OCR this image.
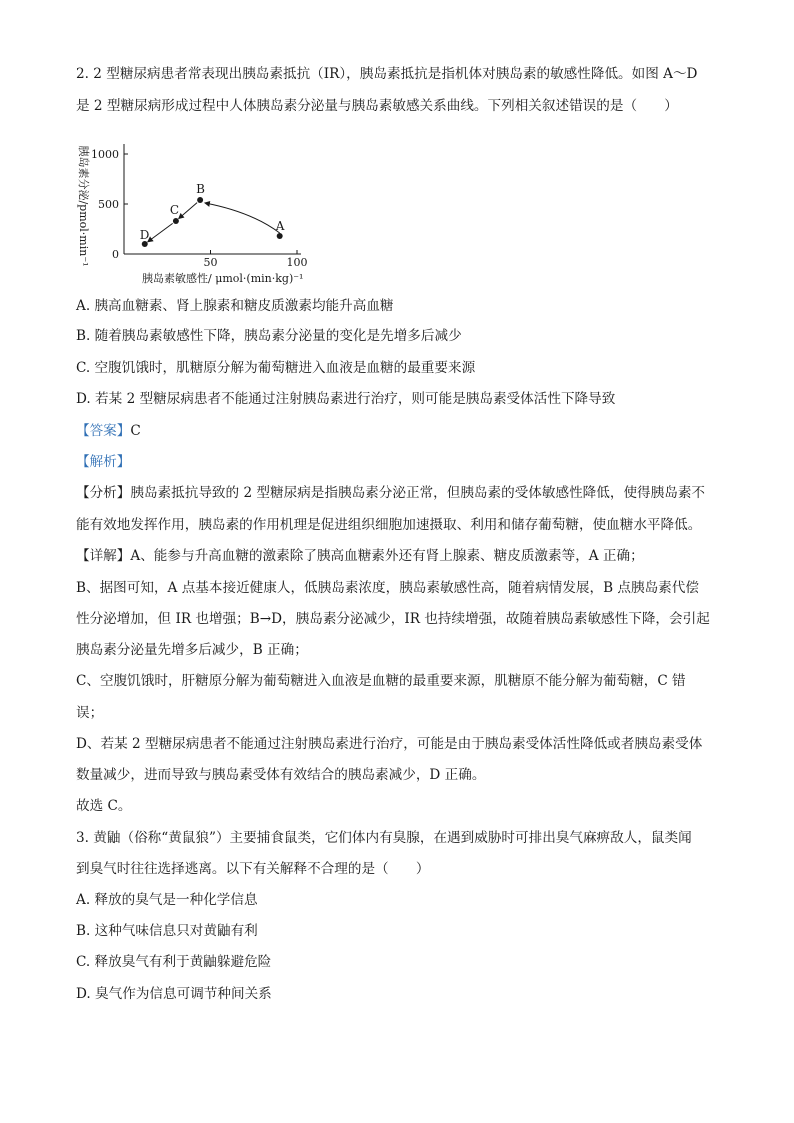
2. 2 型糖尿病患者常表现出胰岛素抵抗（IR），胰岛素抵抗是指机体对胰岛素的敏感性降低。如图 A～D
是 2 型糖尿病形成过程中人体胰岛素分泌量与胰岛素敏感关系曲线。下列相关叙述错误的是（　　）
50	100
0
500
1000
胰岛素分泌/pmol·min⁻¹
胰岛素敏感性/ μmol·(min·kg)⁻¹
A
B
C
D
A. 胰高血糖素、肾上腺素和糖皮质激素均能升高血糖
B. 随着胰岛素敏感性下降，胰岛素分泌量的变化是先增多后减少
C. 空腹饥饿时，肌糖原分解为葡萄糖进入血液是血糖的最重要来源
D. 若某 2 型糖尿病患者不能通过注射胰岛素进行治疗，则可能是胰岛素受体活性下降导致
【答案】C
【解析】
【分析】胰岛素抵抗导致的 2 型糖尿病是指胰岛素分泌正常，但胰岛素的受体敏感性降低，使得胰岛素不
能有效地发挥作用，胰岛素的作用机理是促进组织细胞加速摄取、利用和储存葡萄糖，使血糖水平降低。
【详解】A、能参与升高血糖的激素除了胰高血糖素外还有肾上腺素、糖皮质激素等，A 正确；
B、据图可知，A 点基本接近健康人，低胰岛素浓度，胰岛素敏感性高，随着病情发展，B 点胰岛素代偿
性分泌增加，但 IR 也增强；B→D，胰岛素分泌减少，IR 也持续增强，故随着胰岛素敏感性下降，会引起
胰岛素分泌量先增多后减少，B 正确；
C、空腹饥饿时，肝糖原分解为葡萄糖进入血液是血糖的最重要来源，肌糖原不能分解为葡萄糖，C 错
误；
D、若某 2 型糖尿病患者不能通过注射胰岛素进行治疗，可能是由于胰岛素受体活性降低或者胰岛素受体
数量减少，进而导致与胰岛素受体有效结合的胰岛素减少，D 正确。
故选 C。
3. 黄鼬（俗称“黄鼠狼”）主要捕食鼠类，它们体内有臭腺，在遇到威胁时可排出臭气麻痹敌人，鼠类闻
到臭气时往往选择逃离。以下有关解释不合理的是（　　）
A. 释放的臭气是一种化学信息
B. 这种气味信息只对黄鼬有利
C. 释放臭气有利于黄鼬躲避危险
D. 臭气作为信息可调节种间关系
